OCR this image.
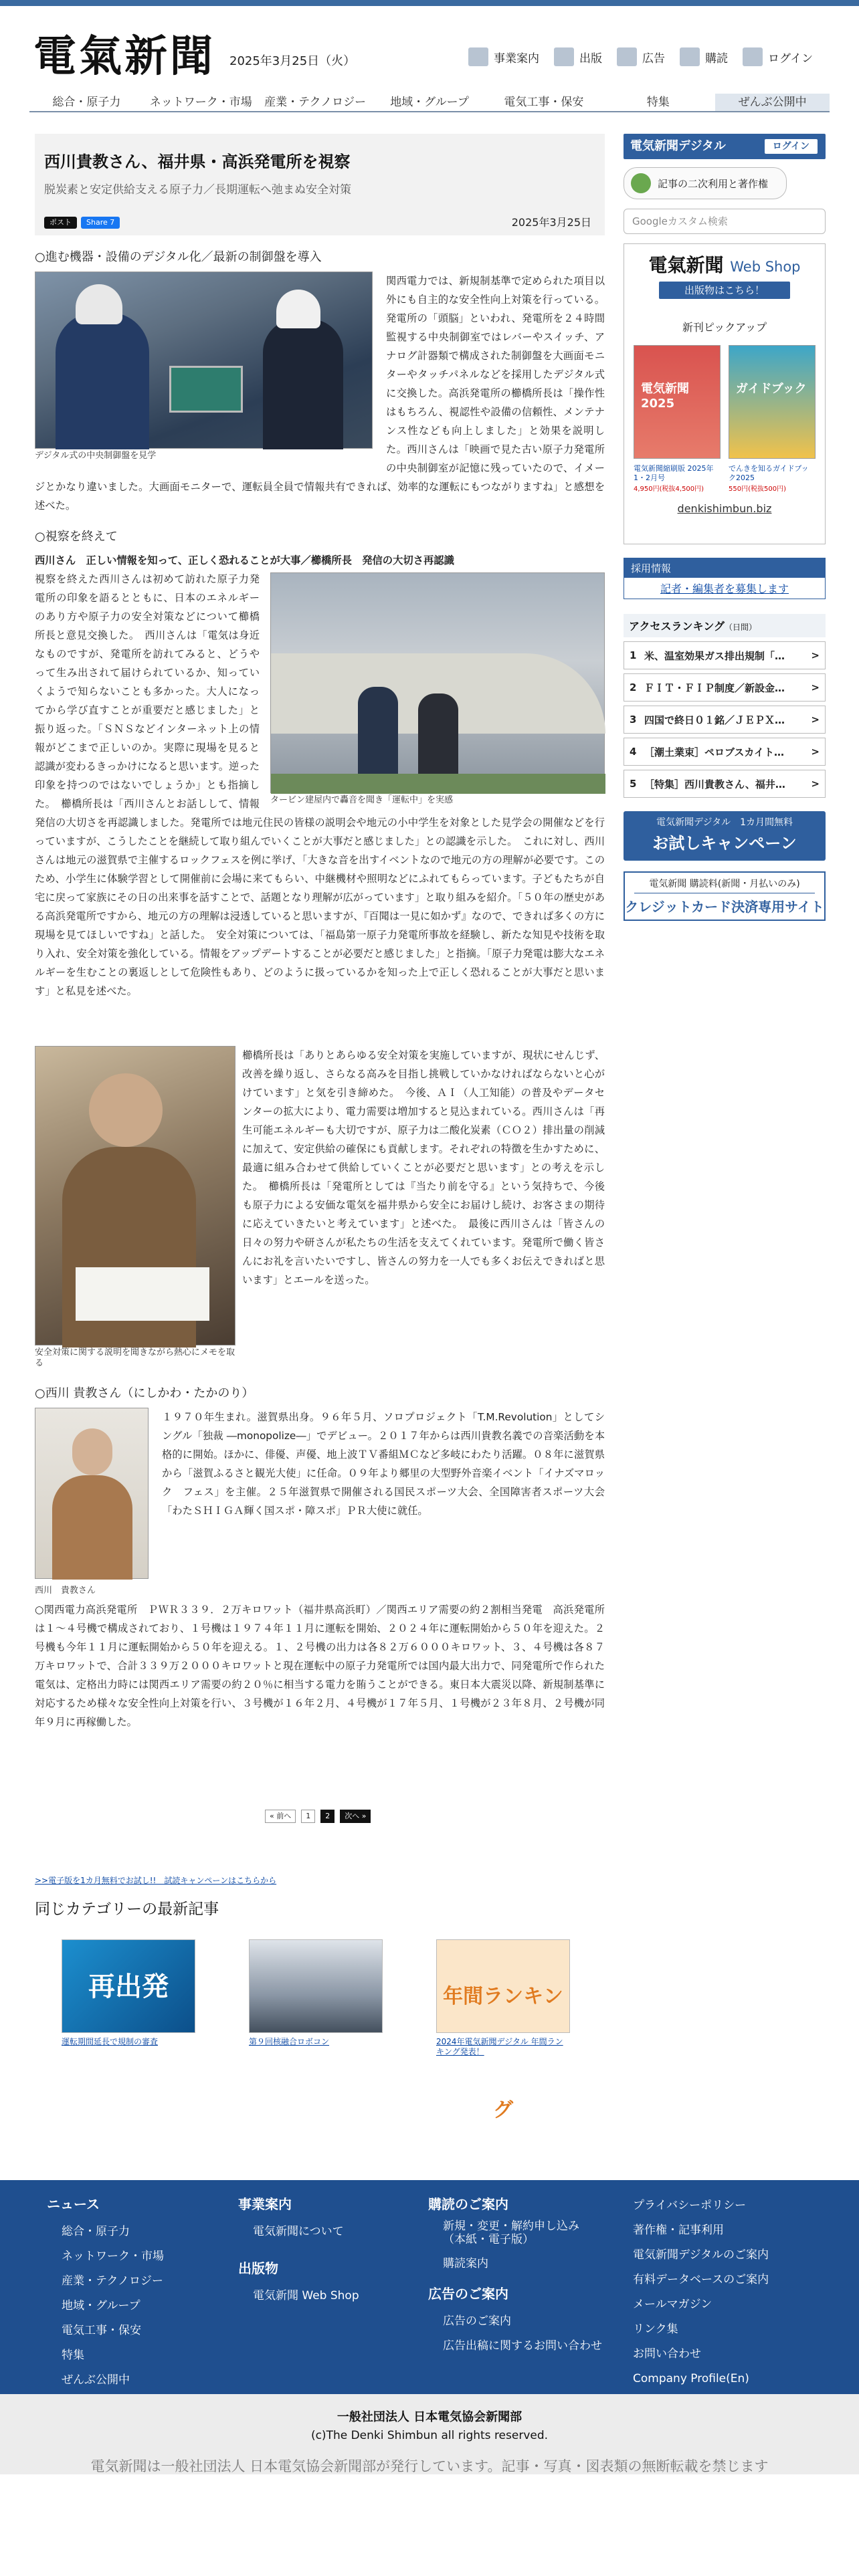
電氣新聞 2025年3月25日（火）	事業案内	出版	広告	購読	ログイン
総合・原子力	ネットワーク・市場	産業・テクノロジー	地域・グループ	電気工事・保安	特集	ぜんぶ公開中
西川貴教さん、福井県・高浜発電所を視察
脱炭素と安定供給支える原子力／長期運転へ弛まぬ安全対策
ポスト	Share 7	2025年3月25日
○進む機器・設備のデジタル化／最新の制御盤を導入
デジタル式の中央制御盤を見学
関西電力では、新規制基準で定められた項目以外にも自主的な安全性向上対策を行っている。発電所の「頭脳」といわれ、発電所を２４時間監視する中央制御室ではレバーやスイッチ、アナログ計器類で構成された制御盤を大画面モニターやタッチパネルなどを採用したデジタル式に交換した。高浜発電所の櫛橋所長は「操作性はもちろん、視認性や設備の信頼性、メンテナンス性なども向上しました」と効果を説明した。西川さんは「映画で見た古い原子力発電所の中央制御室が記憶に残っていたので、イメージとかなり違いました。大画面モニターで、運転員全員で情報共有できれば、効率的な運転にもつながりますね」と感想を述べた。
○視察を終えて
西川さん　正しい情報を知って、正しく恐れることが大事／櫛橋所長　発信の大切さ再認識
タービン建屋内で轟音を聞き「運転中」を実感
視察を終えた西川さんは初めて訪れた原子力発電所の印象を語るとともに、日本のエネルギーのあり方や原子力の安全対策などについて櫛橋所長と意見交換した。　西川さんは「電気は身近なものですが、発電所を訪れてみると、どうやって生み出されて届けられているか、知っていくようで知らないことも多かった。大人になってから学び直すことが重要だと感じました」と振り返った。「ＳＮＳなどインターネット上の情報がどこまで正しいのか。実際に現場を見ると認識が変わるきっかけになると思います。逆った印象を持つのではないでしょうか」とも指摘した。　櫛橋所長は「西川さんとお話しして、情報発信の大切さを再認識しました。発電所では地元住民の皆様の説明会や地元の小中学生を対象とした見学会の開催などを行っていますが、こうしたことを継続して取り組んでいくことが大事だと感じました」との認識を示した。　これに対し、西川さんは地元の滋賀県で主催するロックフェスを例に挙げ、「大きな音を出すイベントなので地元の方の理解が必要です。このため、小学生に体験学習として開催前に会場に来てもらい、中継機材や照明などにふれてもらっています。子どもたちが自宅に戻って家族にその日の出来事を話すことで、話題となり理解が広がっています」と取り組みを紹介。「５０年の歴史がある高浜発電所ですから、地元の方の理解は浸透していると思いますが、『百聞は一見に如かず』なので、できれば多くの方に現場を見てほしいですね」と話した。　安全対策については、「福島第一原子力発電所事故を経験し、新たな知見や技術を取り入れ、安全対策を強化している。情報をアップデートすることが必要だと感じました」と指摘。「原子力発電は膨大なエネルギーを生むことの裏返しとして危険性もあり、どのように扱っているかを知った上で正しく恐れることが大事だと思います」と私見を述べた。
安全対策に関する説明を聞きながら熱心にメモを取る
櫛橋所長は「ありとあらゆる安全対策を実施していますが、現状にせんじず、改善を繰り返し、さらなる高みを目指し挑戦していかなければならないと心がけています」と気を引き締めた。　今後、ＡＩ（人工知能）の普及やデータセンターの拡大により、電力需要は増加すると見込まれている。西川さんは「再生可能エネルギーも大切ですが、原子力は二酸化炭素（ＣＯ２）排出量の削減に加えて、安定供給の確保にも貢献します。それぞれの特徴を生かすために、最適に組み合わせて供給していくことが必要だと思います」との考えを示した。　櫛橋所長は「発電所としては『当たり前を守る』という気持ちで、今後も原子力による安価な電気を福井県から安全にお届けし続け、お客さまの期待に応えていきたいと考えています」と述べた。　最後に西川さんは「皆さんの日々の努力や研さんが私たちの生活を支えてくれています。発電所で働く皆さんにお礼を言いたいですし、皆さんの努力を一人でも多くお伝えできればと思います」とエールを送った。
○西川 貴教さん（にしかわ・たかのり）
西川　貴教さん
１９７０年生まれ。滋賀県出身。９６年５月、ソロプロジェクト「T.M.Revolution」としてシングル「独裁 ―monopolize―」でデビュー。２０１７年からは西川貴教名義での音楽活動を本格的に開始。ほかに、俳優、声優、地上波ＴＶ番組ＭＣなど多岐にわたり活躍。０８年に滋賀県から「滋賀ふるさと観光大使」に任命。０９年より郷里の大型野外音楽イベント「イナズマロック　フェス」を主催。２５年滋賀県で開催される国民スポーツ大会、全国障害者スポーツ大会「わたＳＨＩＧＡ輝く国スポ・障スポ」ＰＲ大使に就任。
○関西電力高浜発電所　ＰＷＲ３３９．２万キロワット（福井県高浜町）／関西エリア需要の約２割相当発電　高浜発電所は１～４号機で構成されており、１号機は１９７４年１１月に運転を開始、２０２４年に運転開始から５０年を迎えた。２号機も今年１１月に運転開始から５０年を迎える。１、２号機の出力は各８２万６０００キロワット、３、４号機は各８７万キロワットで、合計３３９万２０００キロワットと現在運転中の原子力発電所では国内最大出力で、同発電所で作られた電気は、定格出力時には関西エリア需要の約２０％に相当する電力を賄うことができる。東日本大震災以降、新規制基準に対応するため様々な安全性向上対策を行い、３号機が１６年２月、４号機が１７年５月、１号機が２３年８月、２号機が同年９月に再稼働した。
« 前へ	1	2	次へ »
>>電子版を1カ月無料でお試し!!　試読キャンペーンはこちらから
同じカテゴリーの最新記事
再出発
運転期間延長で規制の審査	第９回核融合ロボコン
年間ランキング
2024年電気新聞デジタル 年間ランキング発表！
電気新聞デジタル	ログイン
記事の二次利用と著作権
Googleカスタム検索
電氣新聞 Web Shop
出版物はこちら！
新刊ピックアップ
電気新聞 2025
電気新聞縮刷版 2025年1・2月号
4,950円(税抜4,500円)
ガイドブック
でんきを知るガイドブック2025
550円(税抜500円)
denkishimbun.biz
採用情報
記者・編集者を募集します
アクセスランキング（日間）
1 米、温室効果ガス排出規制「…	>
2 ＦＩＴ・ＦＩＰ制度／新設金…	>
3 四国で終日０１銘／ＪＥＰＸ…	>
4 ［潮土業束］ペロブスカイト…	>
5 ［特集］西川貴教さん、福井…	>
電気新聞デジタル　1カ月間無料
お試しキャンペーン
電気新聞 購読料(新聞・月払いのみ)
クレジットカード決済専用サイト
ニュース
総合・原子力
ネットワーク・市場
産業・テクノロジー
地域・グループ
電気工事・保安
特集
ぜんぶ公開中
事業案内
電気新聞について
出版物
電気新聞 Web Shop
購読のご案内
新規・変更・解約申し込み（本紙・電子版）
購読案内
広告のご案内
広告のご案内
広告出稿に関するお問い合わせ
プライバシーポリシー
著作権・記事利用
電気新聞デジタルのご案内
有料データベースのご案内
メールマガジン
リンク集
お問い合わせ
Company Profile(En)
一般社団法人 日本電気協会新聞部
(c)The Denki Shimbun all rights reserved.
電気新聞は一般社団法人 日本電気協会新聞部が発行しています。記事・写真・図表類の無断転載を禁じます
